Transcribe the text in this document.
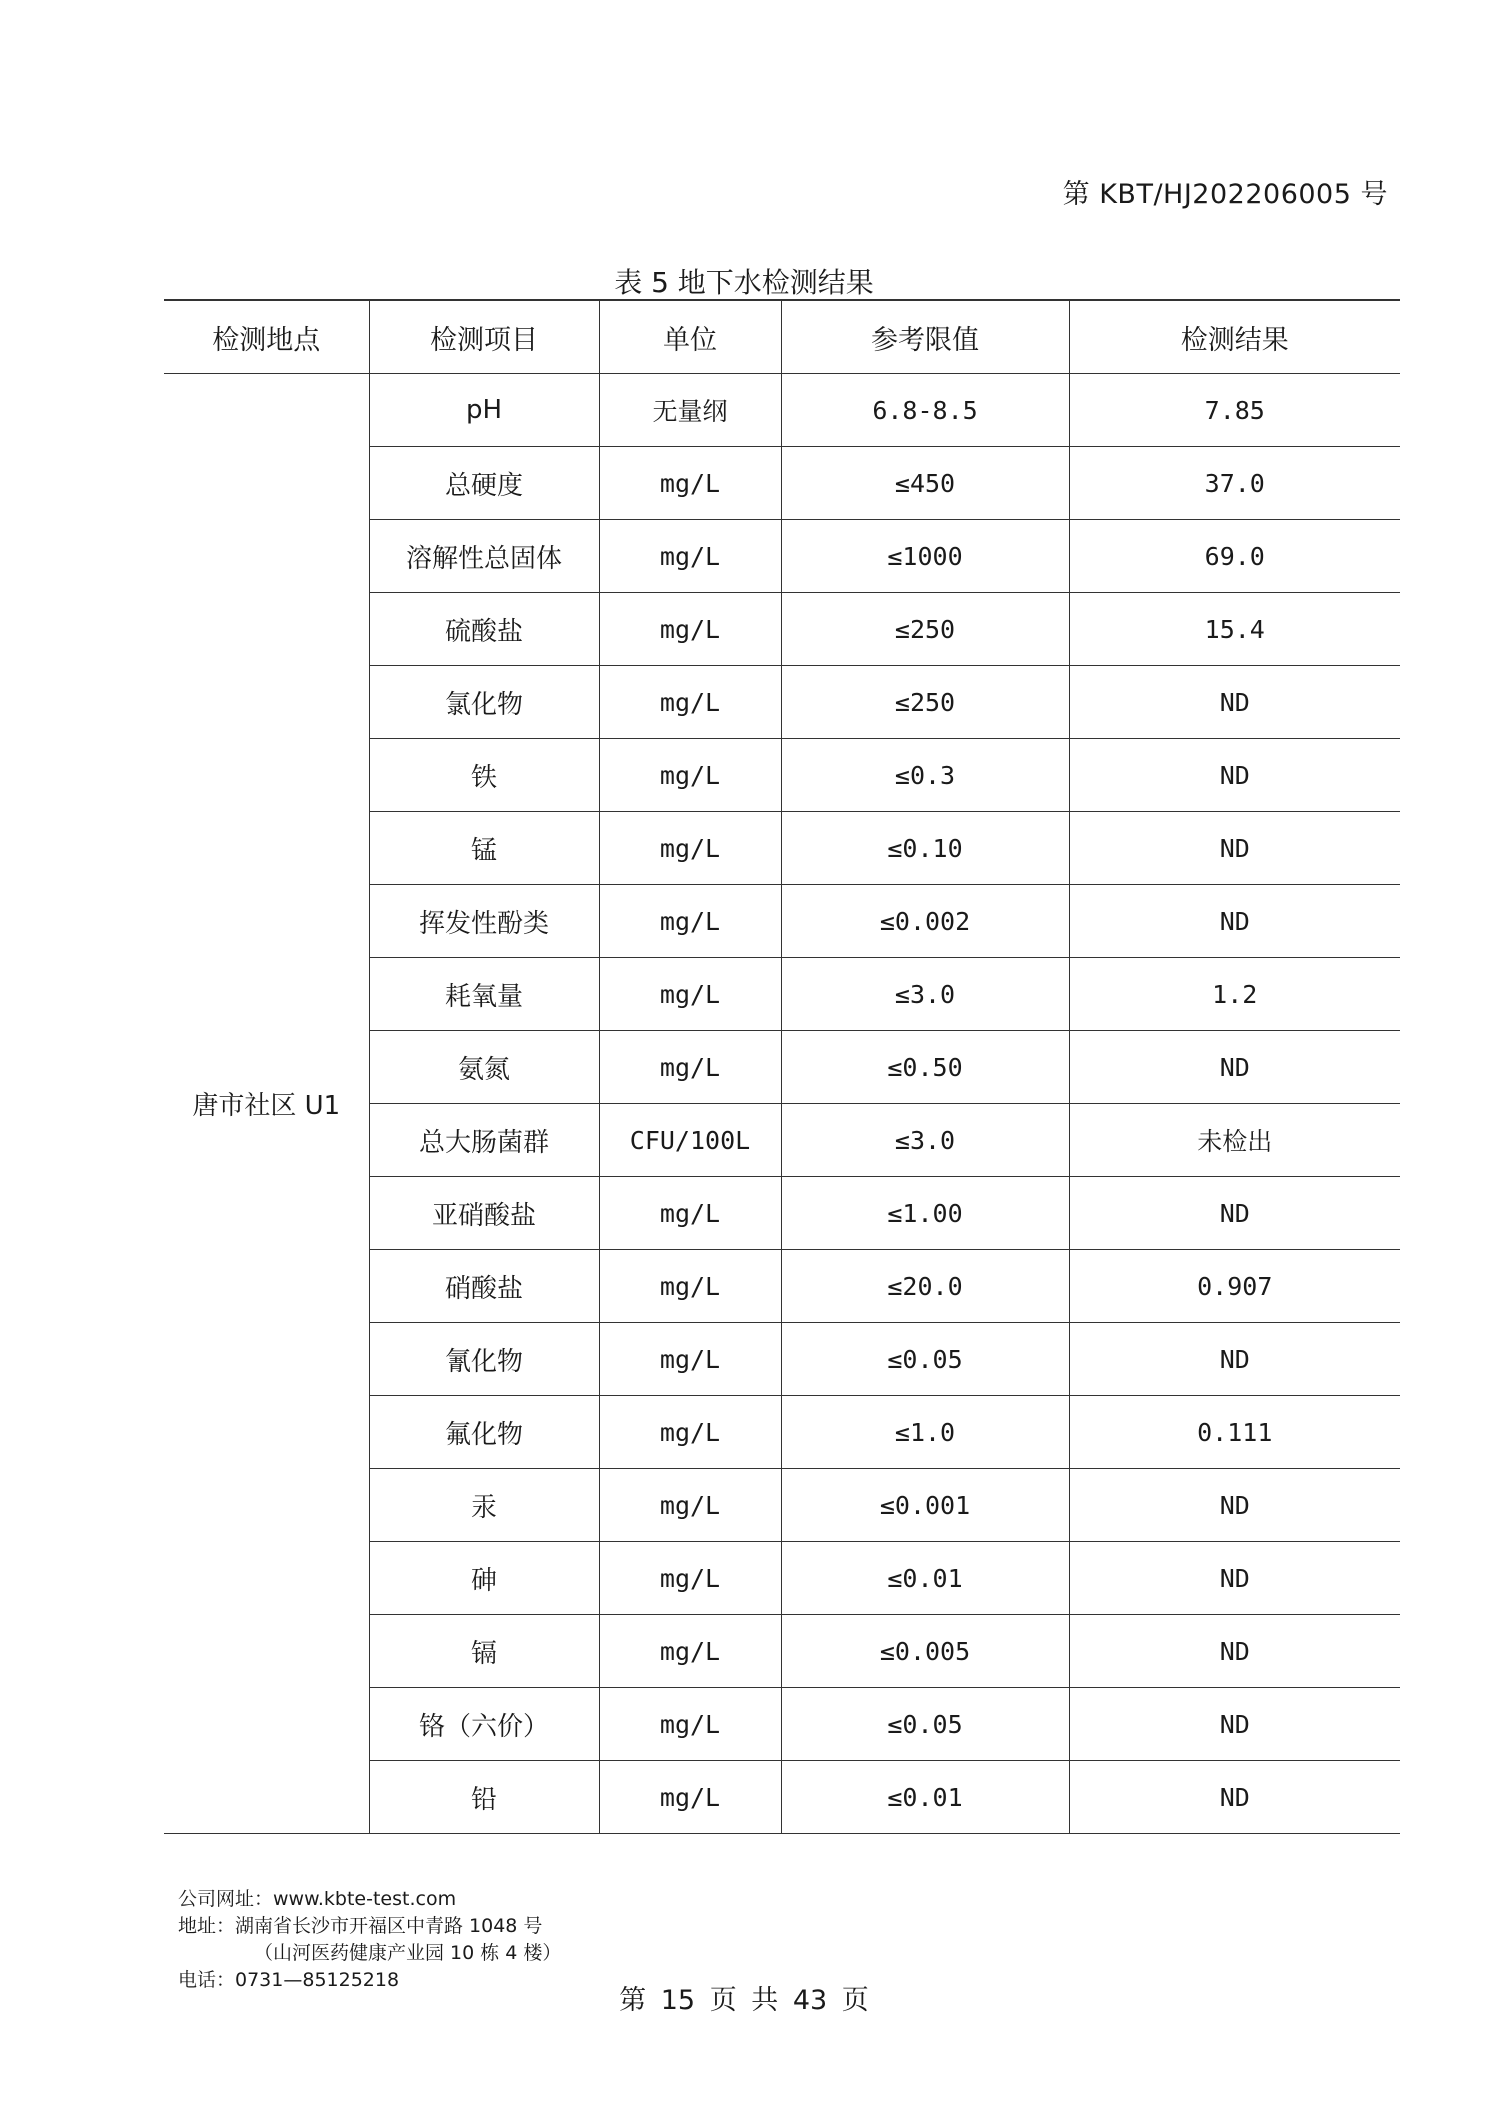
第 KBT/HJ202206005 号
表 5 地下水检测结果
检测地点	检测项目	单位	参考限值	检测结果
唐市社区 U1	pH	无量纲	6.8-8.5	7.85
	总硬度	mg/L	≤450	37.0
	溶解性总固体	mg/L	≤1000	69.0
	硫酸盐	mg/L	≤250	15.4
	氯化物	mg/L	≤250	ND
	铁	mg/L	≤0.3	ND
	锰	mg/L	≤0.10	ND
	挥发性酚类	mg/L	≤0.002	ND
	耗氧量	mg/L	≤3.0	1.2
	氨氮	mg/L	≤0.50	ND
	总大肠菌群	CFU/100L	≤3.0	未检出
	亚硝酸盐	mg/L	≤1.00	ND
	硝酸盐	mg/L	≤20.0	0.907
	氰化物	mg/L	≤0.05	ND
	氟化物	mg/L	≤1.0	0.111
	汞	mg/L	≤0.001	ND
	砷	mg/L	≤0.01	ND
	镉	mg/L	≤0.005	ND
	铬（六价）	mg/L	≤0.05	ND
	铅	mg/L	≤0.01	ND
公司网址：www.kbte-test.com
地址：湖南省长沙市开福区中青路 1048 号
（山河医药健康产业园 10 栋 4 楼）
电话：0731—85125218
第 15 页 共 43 页
